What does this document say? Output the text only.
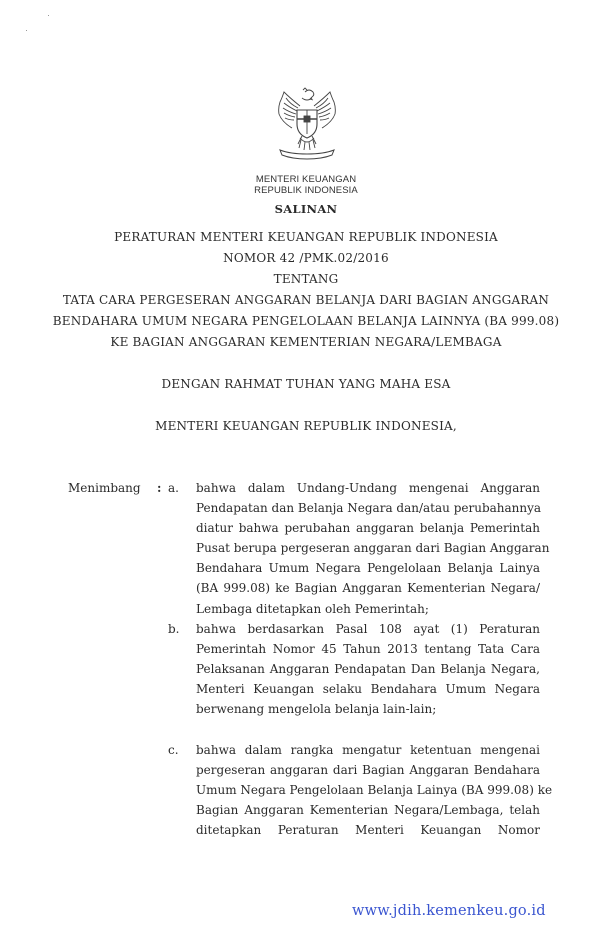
MENTERI KEUANGAN
REPUBLIK INDONESIA
SALINAN
PERATURAN MENTERI KEUANGAN REPUBLIK INDONESIA
NOMOR 42 /PMK.02/2016
TENTANG
TATA CARA PERGESERAN ANGGARAN BELANJA DARI BAGIAN ANGGARAN
BENDAHARA UMUM NEGARA PENGELOLAAN BELANJA LAINNYA (BA 999.08)
KE BAGIAN ANGGARAN KEMENTERIAN NEGARA/LEMBAGA
DENGAN RAHMAT TUHAN YANG MAHA ESA
MENTERI KEUANGAN REPUBLIK INDONESIA,
Menimbang : a. bahwa dalam Undang-Undang mengenai Anggaran
Pendapatan dan Belanja Negara dan/atau perubahannya
diatur bahwa perubahan anggaran belanja Pemerintah
Pusat berupa pergeseran anggaran dari Bagian Anggaran
Bendahara Umum Negara Pengelolaan Belanja Lainya
(BA 999.08) ke Bagian Anggaran Kementerian Negara/
Lembaga ditetapkan oleh Pemerintah;
b. bahwa berdasarkan Pasal 108 ayat (1) Peraturan
Pemerintah Nomor 45 Tahun 2013 tentang Tata Cara
Pelaksanan Anggaran Pendapatan Dan Belanja Negara,
Menteri Keuangan selaku Bendahara Umum Negara
berwenang mengelola belanja lain-lain;
c. bahwa dalam rangka mengatur ketentuan mengenai
pergeseran anggaran dari Bagian Anggaran Bendahara
Umum Negara Pengelolaan Belanja Lainya (BA 999.08) ke
Bagian Anggaran Kementerian Negara/Lembaga, telah
ditetapkan Peraturan Menteri Keuangan Nomor
www.jdih.kemenkeu.go.id
